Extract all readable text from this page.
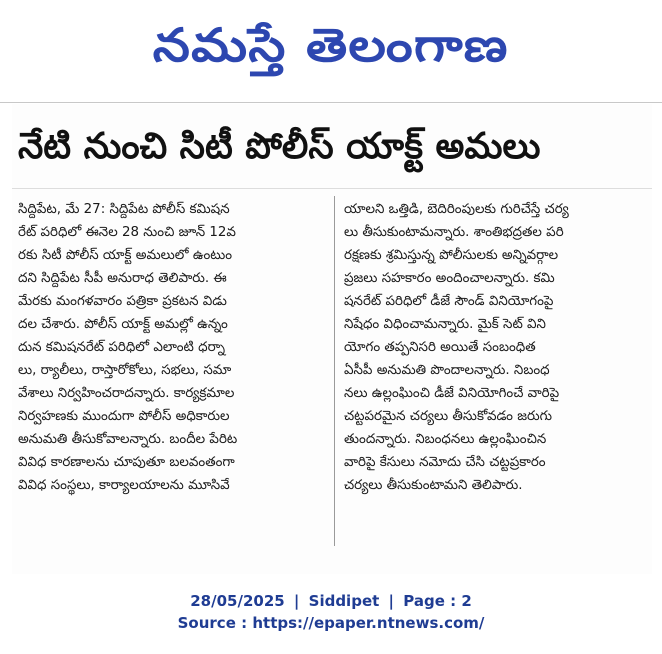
నమస్తే తెలంగాణ
నేటి నుంచి సిటీ పోలీస్ యాక్ట్ అమలు
సిద్దిపేట, మే 27: సిద్దిపేట పోలీస్ కమిషన
రేట్ పరిధిలో ఈనెల 28 నుంచి జూన్ 12వ
రకు సిటీ పోలీస్ యాక్ట్ అమలులో ఉంటుం
దని సిద్దిపేట సీపీ అనురాధ తెలిపారు. ఈ
మేరకు మంగళవారం పత్రికా ప్రకటన విడు
దల చేశారు. పోలీస్ యాక్ట్ అమల్లో ఉన్నం
దున కమిషనరేట్ పరిధిలో ఎలాంటి ధర్నా
లు, ర్యాలీలు, రాస్తారోకోలు, సభలు, సమా
వేశాలు నిర్వహించరాదన్నారు. కార్యక్రమాల
నిర్వహణకు ముందుగా పోలీస్ అధికారుల
అనుమతి తీసుకోవాలన్నారు. బందీల పేరిట
వివిధ కారణాలను చూపుతూ బలవంతంగా
వివిధ సంస్థలు, కార్యాలయాలను మూసివే
యాలని ఒత్తిడి, బెదిరింపులకు గురిచేస్తే చర్య
లు తీసుకుంటామన్నారు. శాంతిభద్రతల పరి
రక్షణకు శ్రమిస్తున్న పోలీసులకు అన్నివర్గాల
ప్రజలు సహకారం అందించాలన్నారు. కమి
షనరేట్ పరిధిలో డీజే సౌండ్ వినియోగంపై
నిషేధం విధించామన్నారు. మైక్ సెట్ విని
యోగం తప్పనిసరి అయితే సంబంధిత
ఏసీపీ అనుమతి పొందాలన్నారు. నిబంధ
నలు ఉల్లంఘించి డీజే వినియోగించే వారిపై
చట్టపరమైన చర్యలు తీసుకోవడం జరుగు
తుందన్నారు. నిబంధనలు ఉల్లంఘించిన
వారిపై కేసులు నమోదు చేసి చట్టప్రకారం
చర్యలు తీసుకుంటామని తెలిపారు.
28/05/2025 | Siddipet | Page : 2
Source : https://epaper.ntnews.com/
